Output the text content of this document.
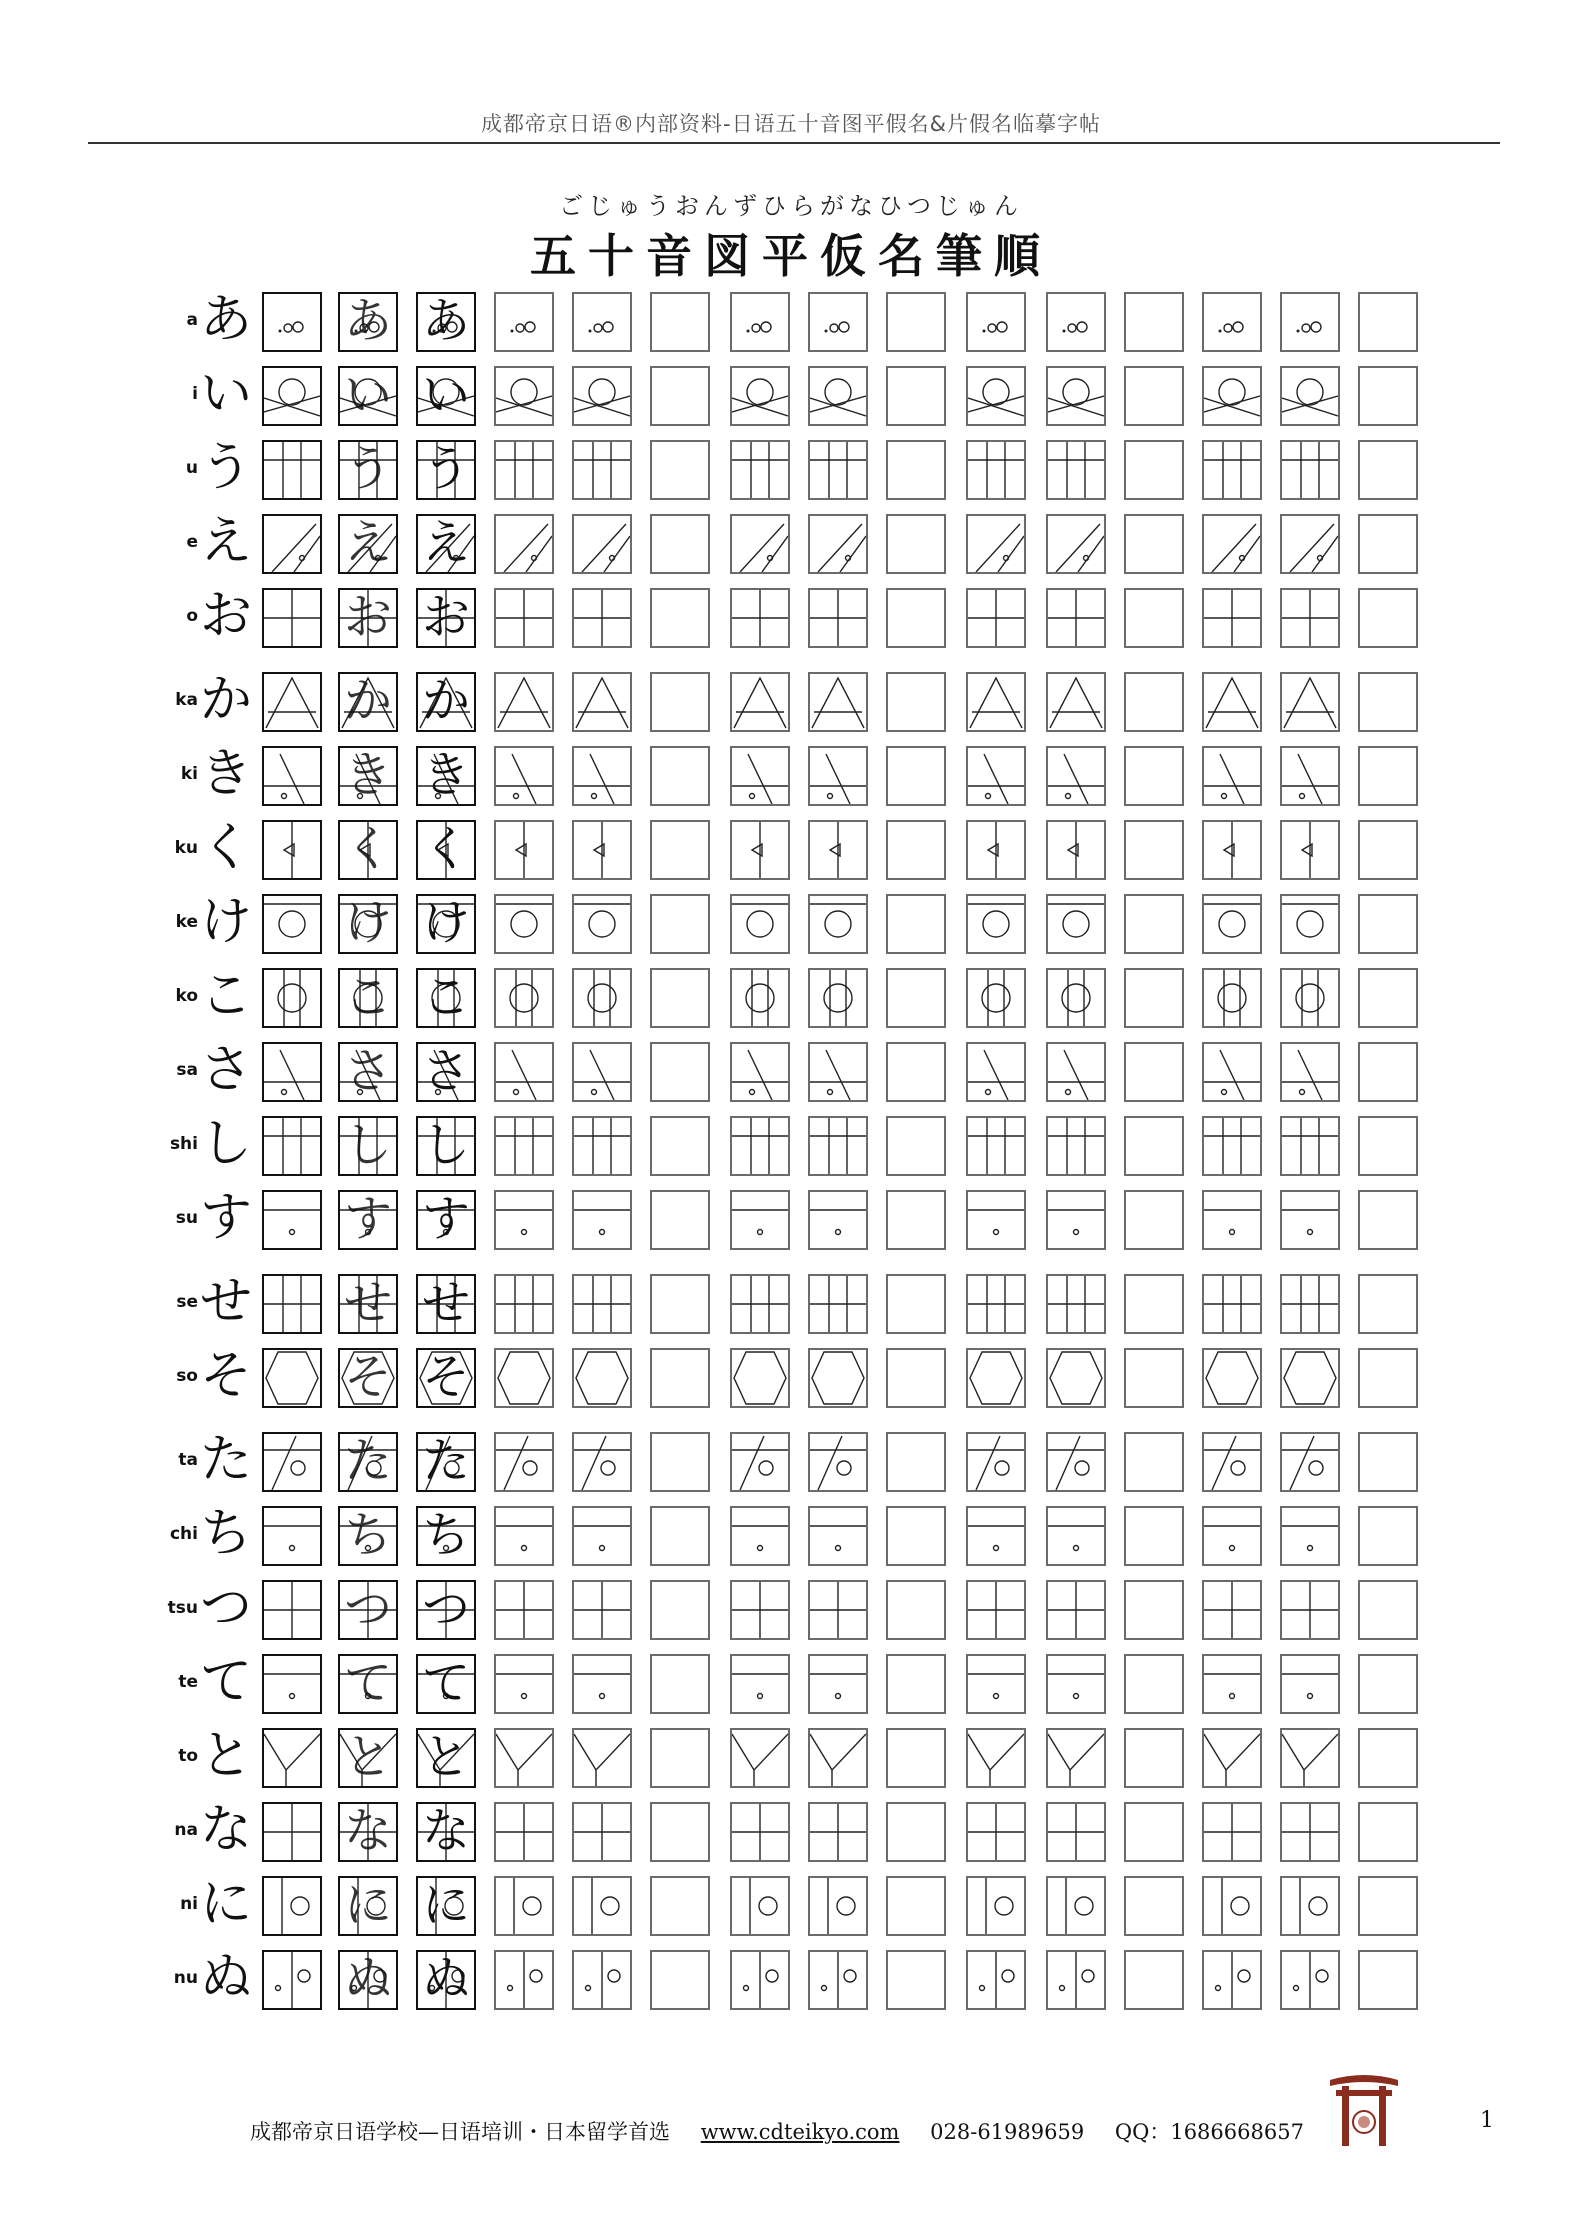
成都帝京日语®内部资料-日语五十音图平假名&片假名临摹字帖
ごじゅうおんずひらがなひつじゅん
五十音図平仮名筆順
a あ あ あ
i い い い
u う う う
e え え え
o お お お
ka か か か
ki き き き
ku く く く
ke け け け
ko こ こ こ
sa さ さ さ
shi し し し
su す す す
se せ せ せ
so そ そ そ
ta た た た
chi ち ち ち
tsu つ つ つ
te て て て
to と と と
na な な な
ni に に に
nu ぬ ぬ ぬ
成都帝京日语学校—日语培训・日本留学首选 www.cdteikyo.com 028-61989659 QQ：1686668657	1
